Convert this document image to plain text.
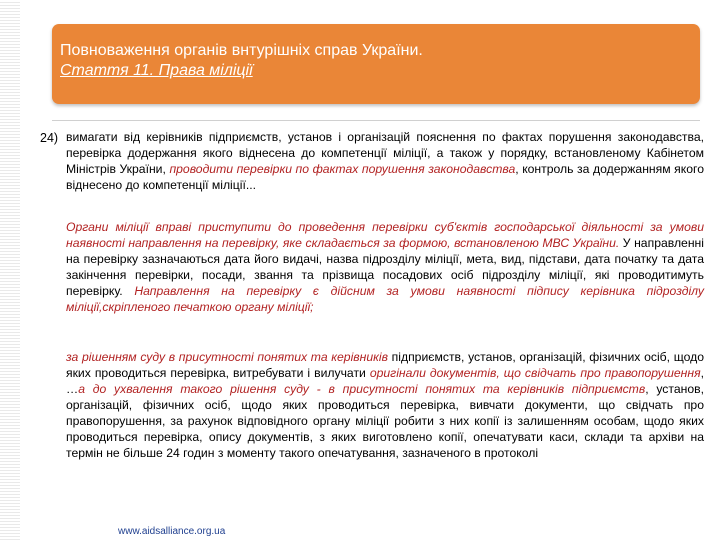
Повноваження органів внтурішніх справ України.
Стаття 11. Права міліції
24) вимагати від керівників підприємств, установ і організацій пояснення по фактах порушення законодавства, перевірка додержання якого віднесена до компетенції міліції, а також у порядку, встановленому Кабінетом Міністрів України, проводити перевірки по фактах порушення законодавства, контроль за додержанням якого віднесено до компетенції міліції...
Органи міліції вправі приступити до проведення перевірки суб'єктів господарської діяльності за умови наявності направлення на перевірку, яке складається за формою, встановленою МВС України. У направленні на перевірку зазначаються дата його видачі, назва підрозділу міліції, мета, вид, підстави, дата початку та дата закінчення перевірки, посади, звання та прізвища посадових осіб підрозділу міліції, які проводитимуть перевірку. Направлення на перевірку є дійсним за умови наявності підпису керівника підрозділу міліції,скріпленого печаткою органу міліції;
за рішенням суду в присутності понятих та керівників підприємств, установ, організацій, фізичних осіб, щодо яких проводиться перевірка, витребувати і вилучати оригінали документів, що свідчать про правопорушення, …а до ухвалення такого рішення суду - в присутності понятих та керівників підприємств, установ, організацій, фізичних осіб, щодо яких проводиться перевірка, вивчати документи, що свідчать про правопорушення, за рахунок відповідного органу міліції робити з них копії із залишенням особам, щодо яких проводиться перевірка, опису документів, з яких виготовлено копії, опечатувати каси, склади та архіви на термін не більше 24 годин з моменту такого опечатування, зазначеного в протоколі
www.aidsalliance.org.ua
